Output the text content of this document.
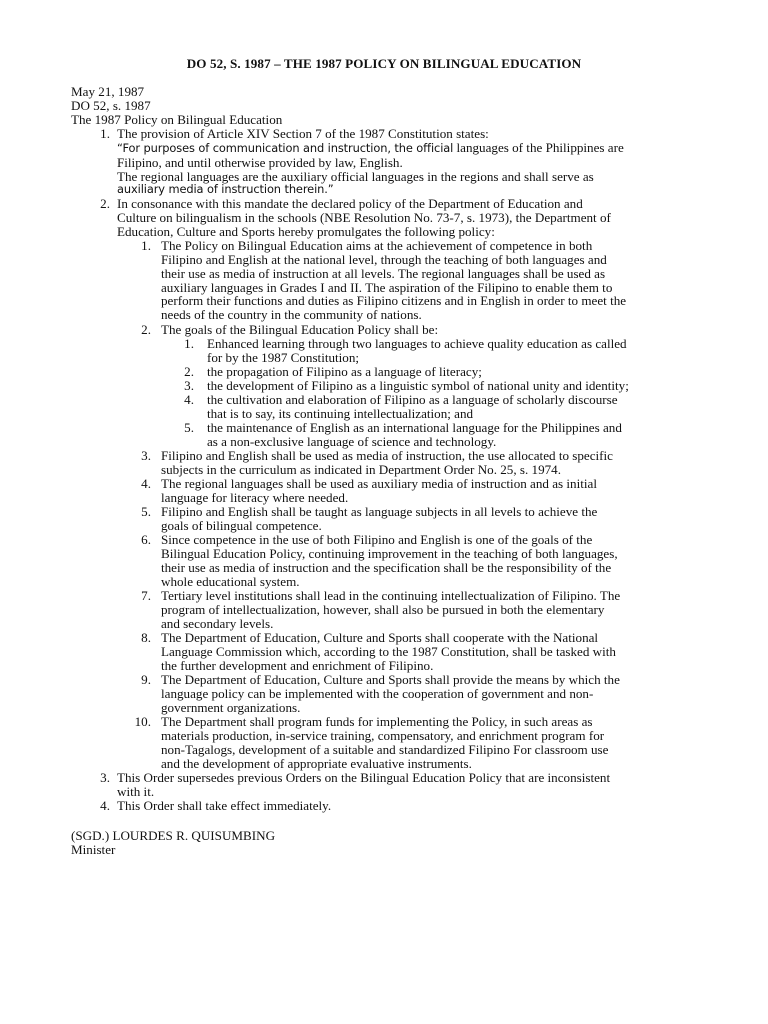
DO 52, S. 1987 – THE 1987 POLICY ON BILINGUAL EDUCATION
May 21, 1987
DO 52, s. 1987
The 1987 Policy on Bilingual Education
1. The provision of Article XIV Section 7 of the 1987 Constitution states:
“For purposes of communication and instruction, the official languages of the Philippines are
Filipino, and until otherwise provided by law, English.
The regional languages are the auxiliary official languages in the regions and shall serve as
auxiliary media of instruction therein.”
2. In consonance with this mandate the declared policy of the Department of Education and
Culture on bilingualism in the schools (NBE Resolution No. 73-7, s. 1973), the Department of
Education, Culture and Sports hereby promulgates the following policy:
1. The Policy on Bilingual Education aims at the achievement of competence in both
Filipino and English at the national level, through the teaching of both languages and
their use as media of instruction at all levels. The regional languages shall be used as
auxiliary languages in Grades I and II. The aspiration of the Filipino to enable them to
perform their functions and duties as Filipino citizens and in English in order to meet the
needs of the country in the community of nations.
2. The goals of the Bilingual Education Policy shall be:
1. Enhanced learning through two languages to achieve quality education as called
for by the 1987 Constitution;
2. the propagation of Filipino as a language of literacy;
3. the development of Filipino as a linguistic symbol of national unity and identity;
4. the cultivation and elaboration of Filipino as a language of scholarly discourse
that is to say, its continuing intellectualization; and
5. the maintenance of English as an international language for the Philippines and
as a non-exclusive language of science and technology.
3. Filipino and English shall be used as media of instruction, the use allocated to specific
subjects in the curriculum as indicated in Department Order No. 25, s. 1974.
4. The regional languages shall be used as auxiliary media of instruction and as initial
language for literacy where needed.
5. Filipino and English shall be taught as language subjects in all levels to achieve the
goals of bilingual competence.
6. Since competence in the use of both Filipino and English is one of the goals of the
Bilingual Education Policy, continuing improvement in the teaching of both languages,
their use as media of instruction and the specification shall be the responsibility of the
whole educational system.
7. Tertiary level institutions shall lead in the continuing intellectualization of Filipino. The
program of intellectualization, however, shall also be pursued in both the elementary
and secondary levels.
8. The Department of Education, Culture and Sports shall cooperate with the National
Language Commission which, according to the 1987 Constitution, shall be tasked with
the further development and enrichment of Filipino.
9. The Department of Education, Culture and Sports shall provide the means by which the
language policy can be implemented with the cooperation of government and non-
government organizations.
10. The Department shall program funds for implementing the Policy, in such areas as
materials production, in-service training, compensatory, and enrichment program for
non-Tagalogs, development of a suitable and standardized Filipino For classroom use
and the development of appropriate evaluative instruments.
3. This Order supersedes previous Orders on the Bilingual Education Policy that are inconsistent
with it.
4. This Order shall take effect immediately.
(SGD.) LOURDES R. QUISUMBING
Minister
